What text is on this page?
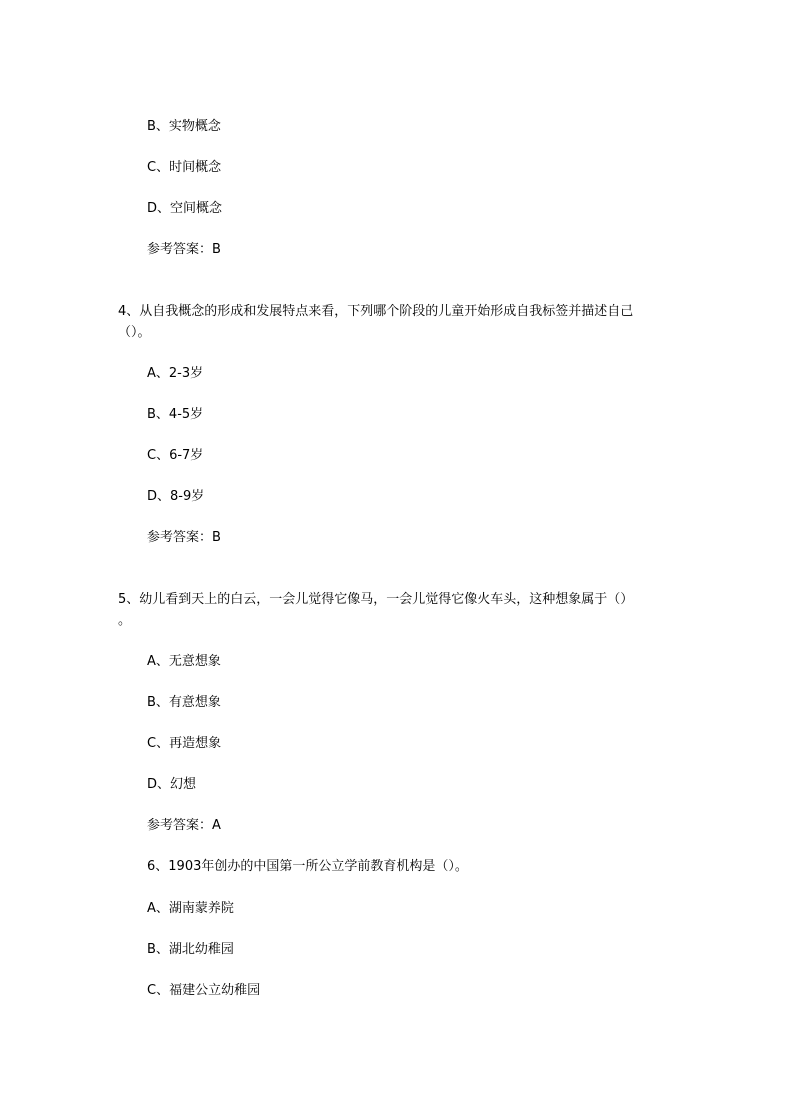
B、实物概念
C、时间概念
D、空间概念
参考答案：B
4、从自我概念的形成和发展特点来看，下列哪个阶段的儿童开始形成自我标签并描述自己
（）。
A、2-3岁
B、4-5岁
C、6-7岁
D、8-9岁
参考答案：B
5、幼儿看到天上的白云，一会儿觉得它像马，一会儿觉得它像火车头，这种想象属于（）
。
A、无意想象
B、有意想象
C、再造想象
D、幻想
参考答案：A
6、1903年创办的中国第一所公立学前教育机构是（）。
A、湖南蒙养院
B、湖北幼稚园
C、福建公立幼稚园
